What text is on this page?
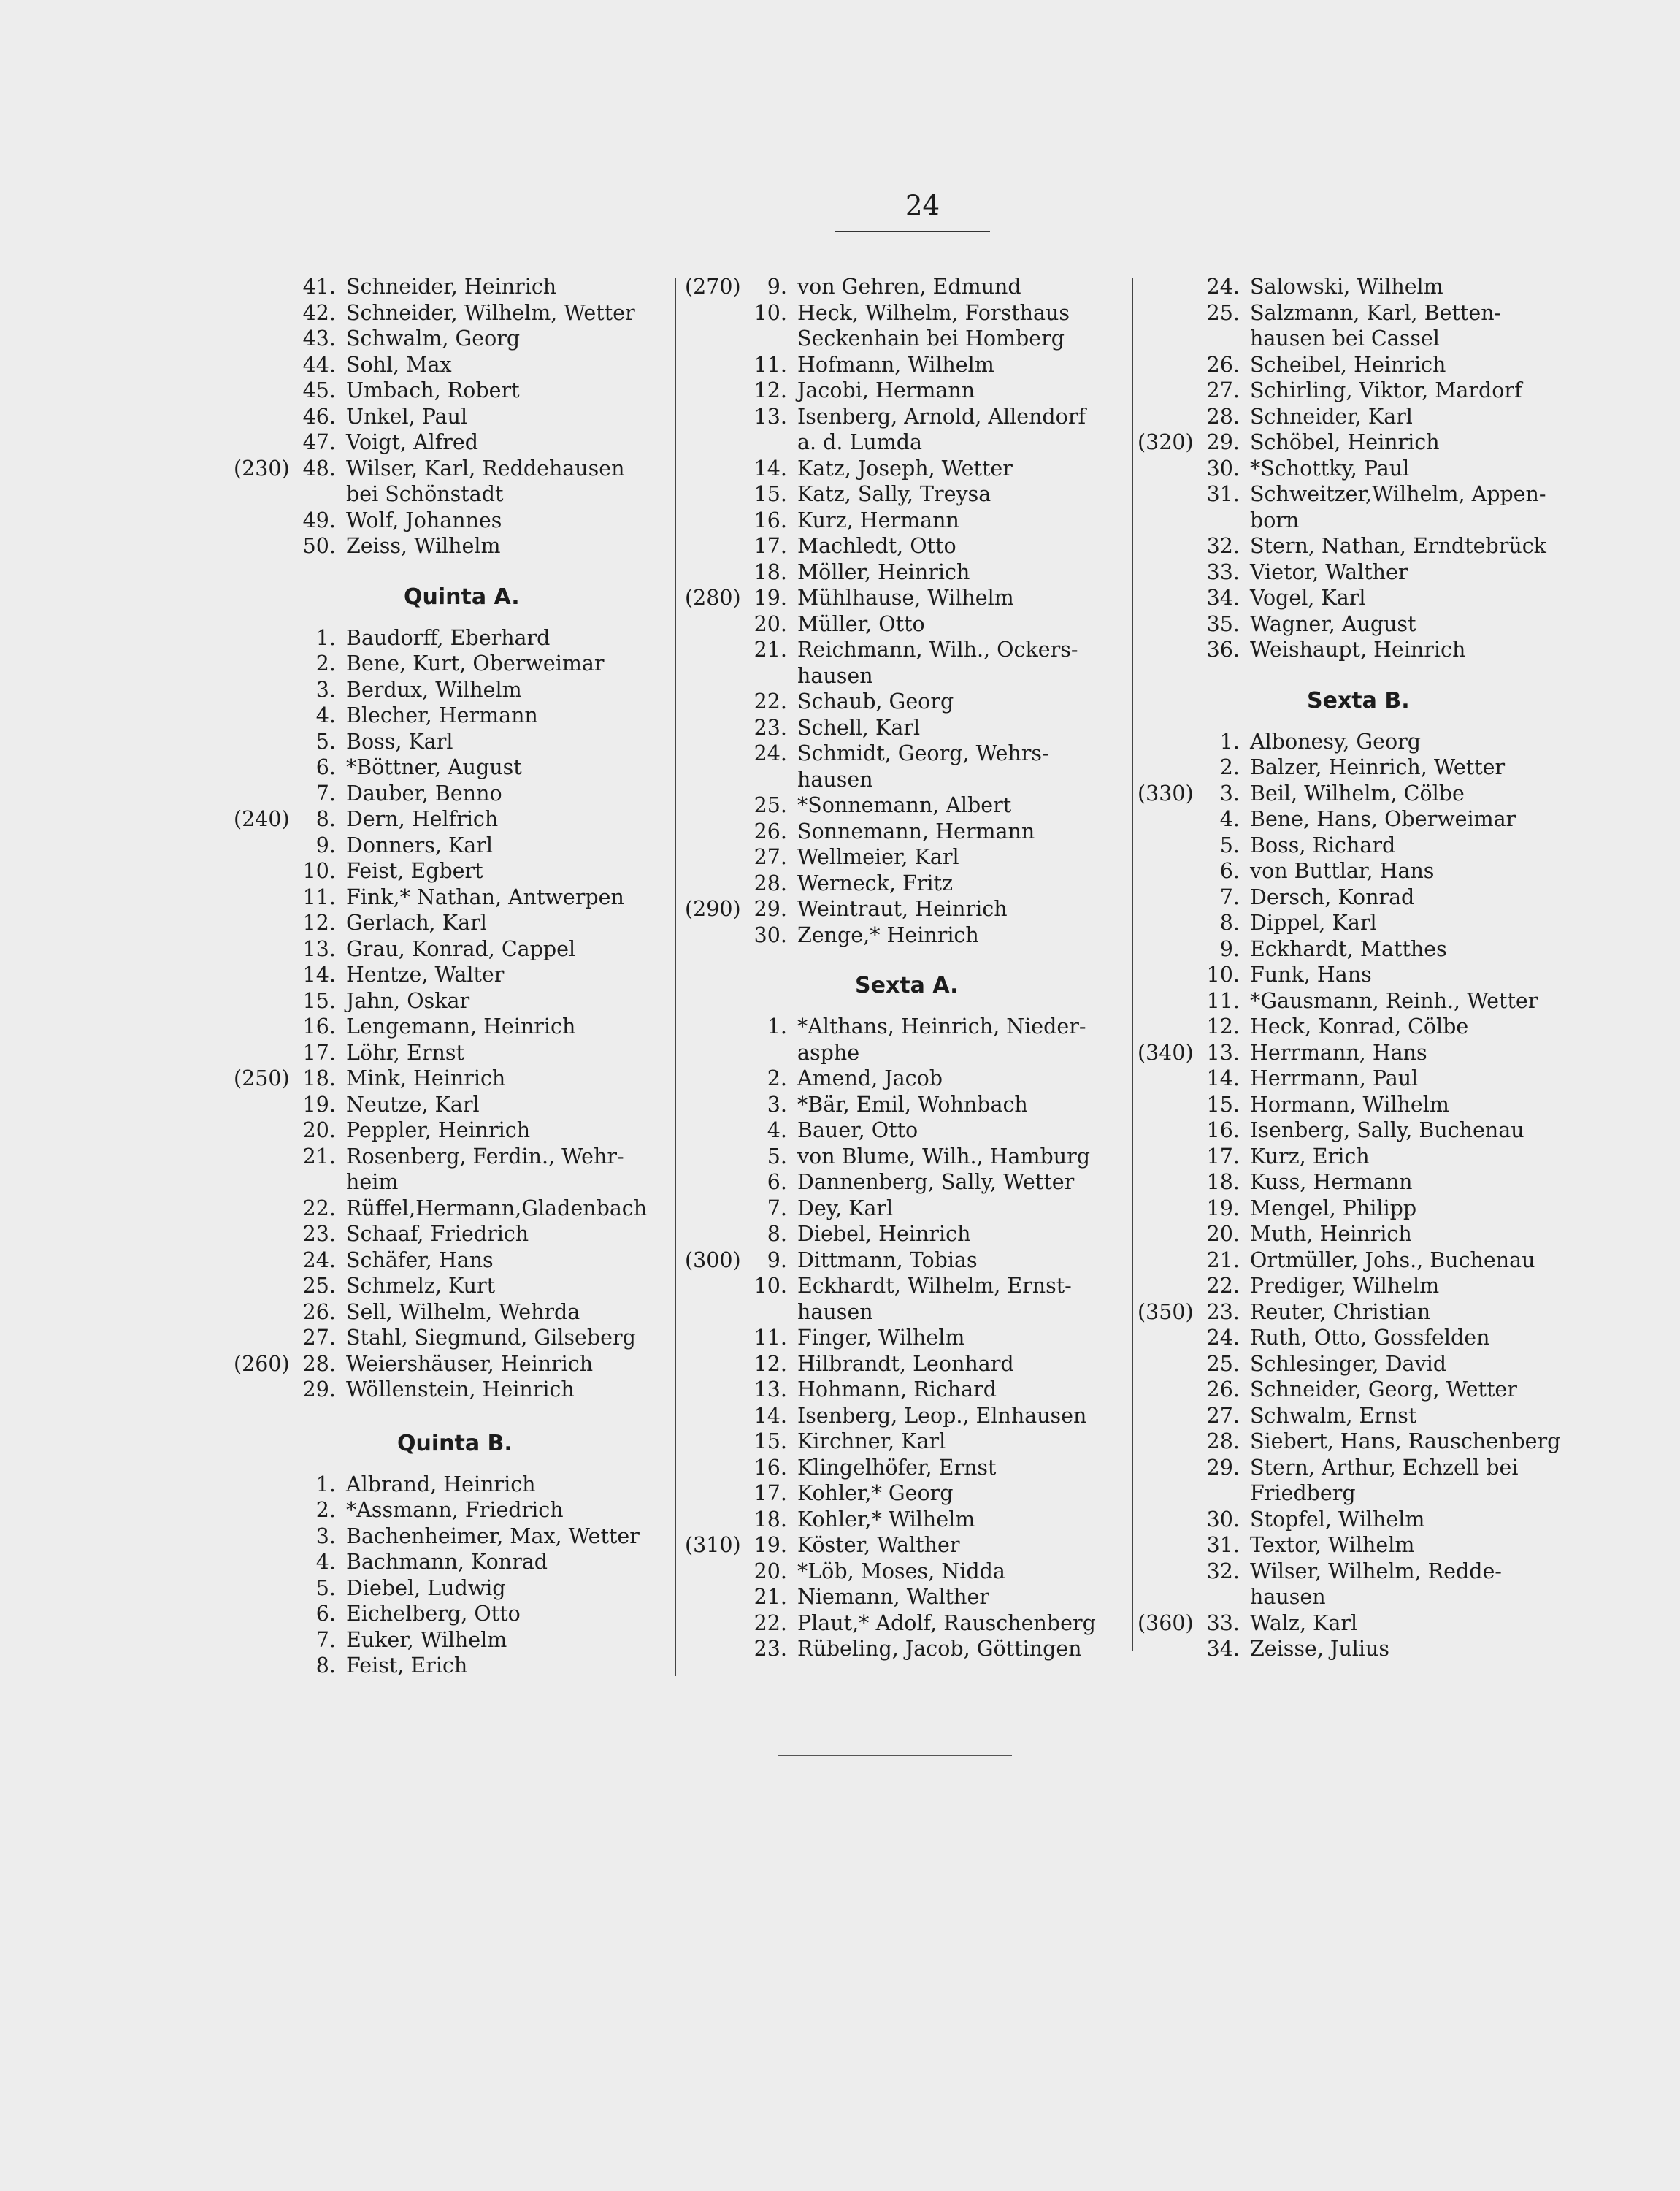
24
41. Schneider, Heinrich
42. Schneider, Wilhelm, Wetter
43. Schwalm, Georg
44. Sohl, Max
45. Umbach, Robert
46. Unkel, Paul
47. Voigt, Alfred
(230) 48. Wilser, Karl, Reddehausen
bei Schönstadt
49. Wolf, Johannes
50. Zeiss, Wilhelm
Quinta A.
1. Baudorff, Eberhard
2. Bene, Kurt, Oberweimar
3. Berdux, Wilhelm
4. Blecher, Hermann
5. Boss, Karl
6. *Böttner, August
7. Dauber, Benno
(240)	8. Dern, Helfrich
9. Donners, Karl
10. Feist, Egbert
11. Fink,* Nathan, Antwerpen
12. Gerlach, Karl
13. Grau, Konrad, Cappel
14. Hentze, Walter
15. Jahn, Oskar
16. Lengemann, Heinrich
17. Löhr, Ernst
(250) 18. Mink, Heinrich
19. Neutze, Karl
20. Peppler, Heinrich
21. Rosenberg, Ferdin., Wehr-
heim
22. Rüffel,Hermann,Gladenbach
23. Schaaf, Friedrich
24. Schäfer, Hans
25. Schmelz, Kurt
26. Sell, Wilhelm, Wehrda
27. Stahl, Siegmund, Gilseberg
(260) 28. Weiershäuser, Heinrich
29. Wöllenstein, Heinrich
Quinta B.
1. Albrand, Heinrich
2. *Assmann, Friedrich
3. Bachenheimer, Max, Wetter
4. Bachmann, Konrad
5. Diebel, Ludwig
6. Eichelberg, Otto
7. Euker, Wilhelm
8. Feist, Erich
(270)	9. von Gehren, Edmund
10. Heck, Wilhelm, Forsthaus
Seckenhain bei Homberg
11. Hofmann, Wilhelm
12. Jacobi, Hermann
13. Isenberg, Arnold, Allendorf
a. d. Lumda
14. Katz, Joseph, Wetter
15. Katz, Sally, Treysa
16. Kurz, Hermann
17. Machledt, Otto
18. Möller, Heinrich
(280) 19. Mühlhause, Wilhelm
20. Müller, Otto
21. Reichmann, Wilh., Ockers-
hausen
22. Schaub, Georg
23. Schell, Karl
24. Schmidt, Georg, Wehrs-
hausen
25. *Sonnemann, Albert
26. Sonnemann, Hermann
27. Wellmeier, Karl
28. Werneck, Fritz
(290) 29. Weintraut, Heinrich
30. Zenge,* Heinrich
Sexta A.
1. *Althans, Heinrich, Nieder-
asphe
2. Amend, Jacob
3. *Bär, Emil, Wohnbach
4. Bauer, Otto
5. von Blume, Wilh., Hamburg
6. Dannenberg, Sally, Wetter
7. Dey, Karl
8. Diebel, Heinrich
(300)	9. Dittmann, Tobias
10. Eckhardt, Wilhelm, Ernst-
hausen
11. Finger, Wilhelm
12. Hilbrandt, Leonhard
13. Hohmann, Richard
14. Isenberg, Leop., Elnhausen
15. Kirchner, Karl
16. Klingelhöfer, Ernst
17. Kohler,* Georg
18. Kohler,* Wilhelm
(310) 19. Köster, Walther
20. *Löb, Moses, Nidda
21. Niemann, Walther
22. Plaut,* Adolf, Rauschenberg
23. Rübeling, Jacob, Göttingen
24. Salowski, Wilhelm
25. Salzmann, Karl, Betten-
hausen bei Cassel
26. Scheibel, Heinrich
27. Schirling, Viktor, Mardorf
28. Schneider, Karl
(320) 29. Schöbel, Heinrich
30. *Schottky, Paul
31. Schweitzer,Wilhelm, Appen-
born
32. Stern, Nathan, Erndtebrück
33. Vietor, Walther
34. Vogel, Karl
35. Wagner, August
36. Weishaupt, Heinrich
Sexta B.
1. Albonesy, Georg
2. Balzer, Heinrich, Wetter
(330)	3. Beil, Wilhelm, Cölbe
4. Bene, Hans, Oberweimar
5. Boss, Richard
6. von Buttlar, Hans
7. Dersch, Konrad
8. Dippel, Karl
9. Eckhardt, Matthes
10. Funk, Hans
11. *Gausmann, Reinh., Wetter
12. Heck, Konrad, Cölbe
(340) 13. Herrmann, Hans
14. Herrmann, Paul
15. Hormann, Wilhelm
16. Isenberg, Sally, Buchenau
17. Kurz, Erich
18. Kuss, Hermann
19. Mengel, Philipp
20. Muth, Heinrich
21. Ortmüller, Johs., Buchenau
22. Prediger, Wilhelm
(350) 23. Reuter, Christian
24. Ruth, Otto, Gossfelden
25. Schlesinger, David
26. Schneider, Georg, Wetter
27. Schwalm, Ernst
28. Siebert, Hans, Rauschenberg
29. Stern, Arthur, Echzell bei
Friedberg
30. Stopfel, Wilhelm
31. Textor, Wilhelm
32. Wilser, Wilhelm, Redde-
hausen
(360) 33. Walz, Karl
34. Zeisse, Julius
